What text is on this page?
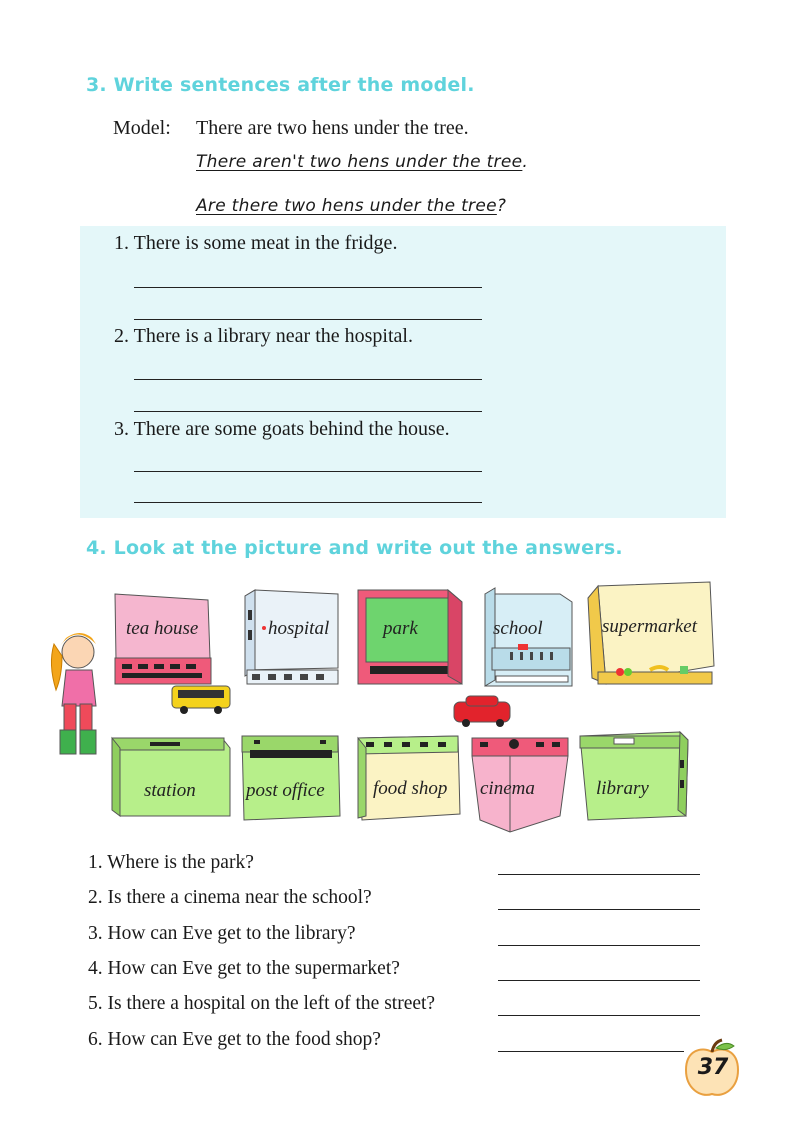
3. Write sentences after the model.
Model: There are two hens under the tree.
There aren't two hens under the tree.
Are there two hens under the tree?
1. There is some meat in the fridge.
2. There is a library near the hospital.
3. There are some goats behind the house.
4. Look at the picture and write out the answers.
tea house	hospital	park	school	supermarket
station	post office	food shop cinema	library
1. Where is the park?
2. Is there a cinema near the school?
3. How can Eve get to the library?
4. How can Eve get to the supermarket?
5. Is there a hospital on the left of the street?
6. How can Eve get to the food shop?
37
